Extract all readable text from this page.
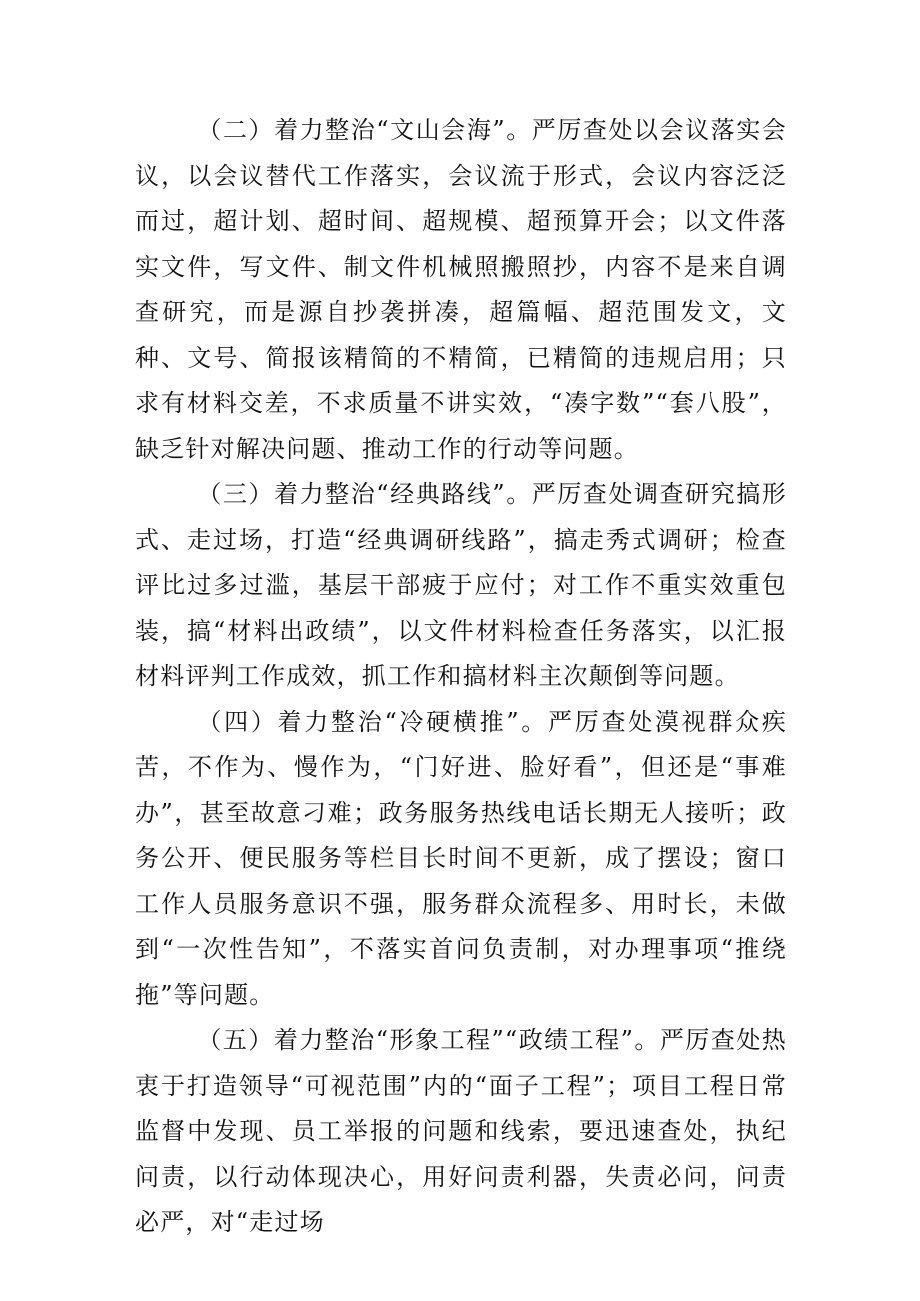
（二）着力整治“文山会海”。严厉查处以会议落实会议，以会议替代工作落实，会议流于形式，会议内容泛泛而过，超计划、超时间、超规模、超预算开会；以文件落实文件，写文件、制文件机械照搬照抄，内容不是来自调查研究，而是源自抄袭拼凑，超篇幅、超范围发文，文种、文号、简报该精简的不精简，已精简的违规启用；只求有材料交差，不求质量不讲实效，“凑字数”“套八股”，缺乏针对解决问题、推动工作的行动等问题。

（三）着力整治“经典路线”。严厉查处调查研究搞形式、走过场，打造“经典调研线路”，搞走秀式调研；检查评比过多过滥，基层干部疲于应付；对工作不重实效重包装，搞“材料出政绩”，以文件材料检查任务落实，以汇报材料评判工作成效，抓工作和搞材料主次颠倒等问题。

（四）着力整治“冷硬横推”。严厉查处漠视群众疾苦，不作为、慢作为，“门好进、脸好看”，但还是“事难办”，甚至故意刁难；政务服务热线电话长期无人接听；政务公开、便民服务等栏目长时间不更新，成了摆设；窗口工作人员服务意识不强，服务群众流程多、用时长，未做到“一次性告知”，不落实首问负责制，对办理事项“推绕拖”等问题。

（五）着力整治“形象工程”“政绩工程”。严厉查处热衷于打造领导“可视范围”内的“面子工程”；项目工程日常监督中发现、员工举报的问题和线索，要迅速查处，执纪问责，以行动体现决心，用好问责利器，失责必问，问责必严，对“走过场
